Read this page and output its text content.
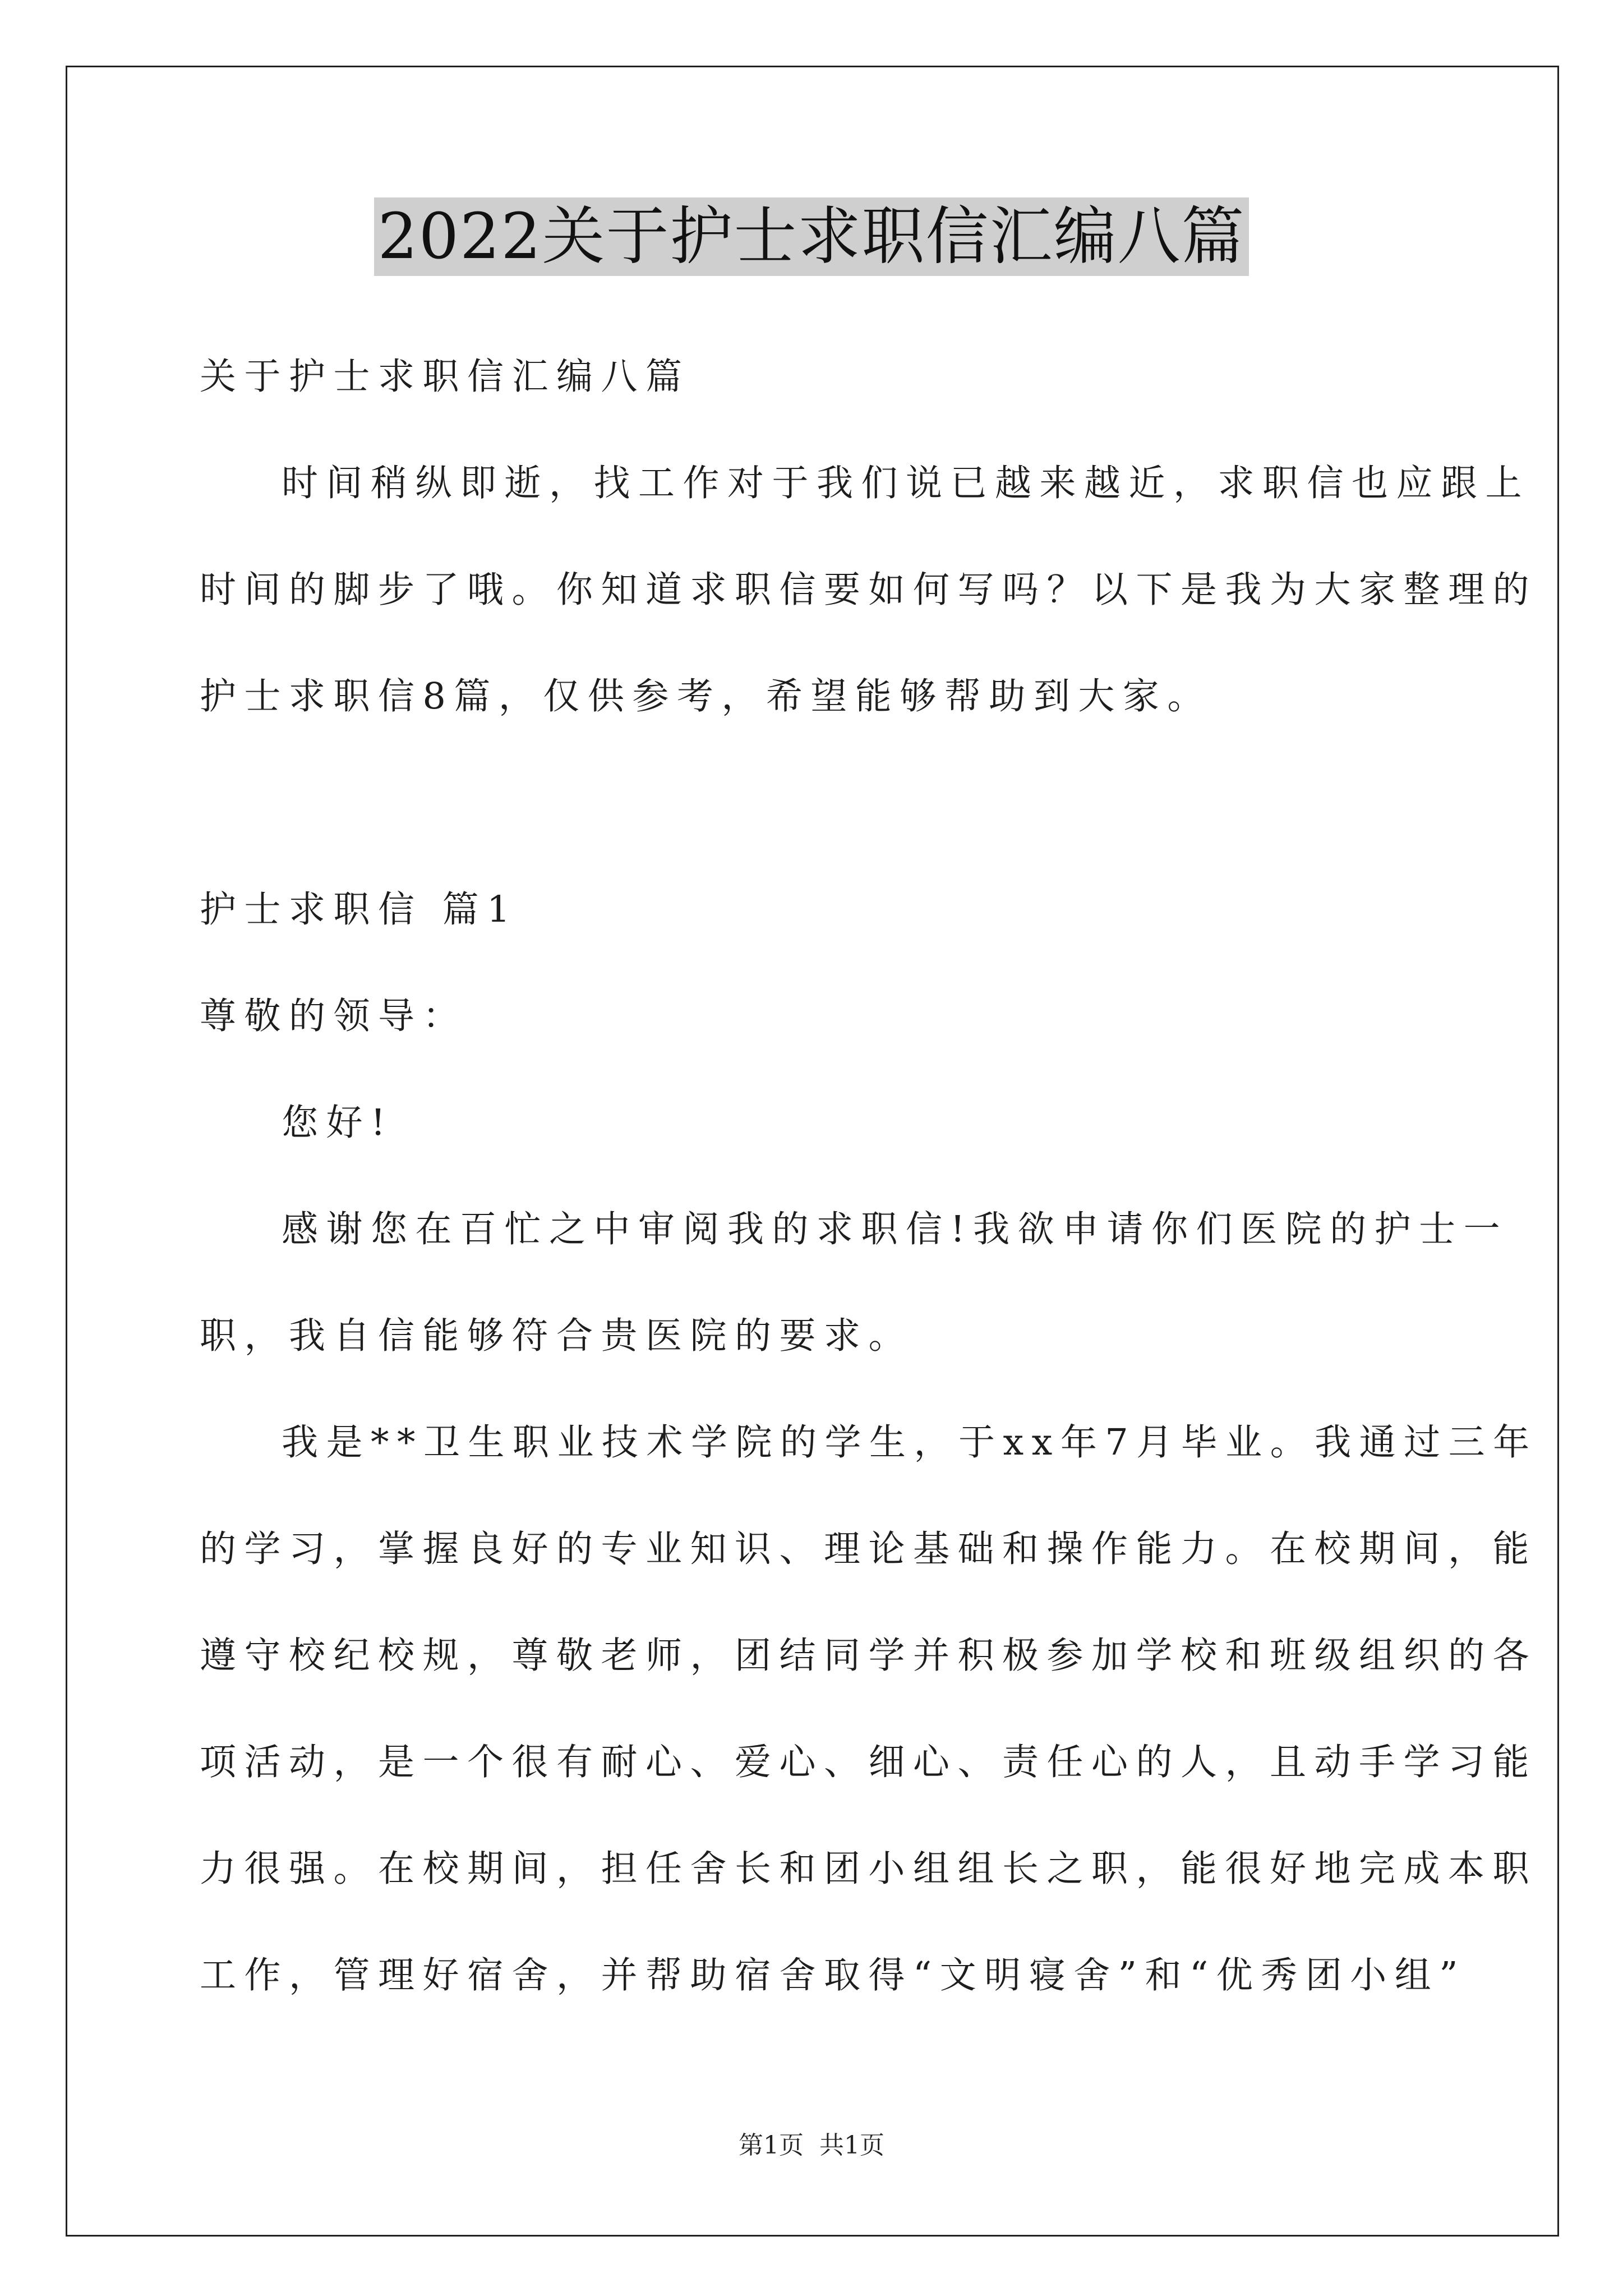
2022关于护士求职信汇编八篇
关于护士求职信汇编八篇
时间稍纵即逝，找工作对于我们说已越来越近，求职信也应跟上
时间的脚步了哦。你知道求职信要如何写吗？以下是我为大家整理的
护士求职信8篇，仅供参考，希望能够帮助到大家。
护士求职信 篇1
尊敬的领导：
您好!
感谢您在百忙之中审阅我的求职信!我欲申请你们医院的护士一
职，我自信能够符合贵医院的要求。
我是**卫生职业技术学院的学生，于xx年7月毕业。我通过三年
的学习，掌握良好的专业知识、理论基础和操作能力。在校期间，能
遵守校纪校规，尊敬老师，团结同学并积极参加学校和班级组织的各
项活动，是一个很有耐心、爱心、细心、责任心的人，且动手学习能
力很强。在校期间，担任舍长和团小组组长之职，能很好地完成本职
工作，管理好宿舍，并帮助宿舍取得“文明寝舍”和“优秀团小组”
第1页  共1页
